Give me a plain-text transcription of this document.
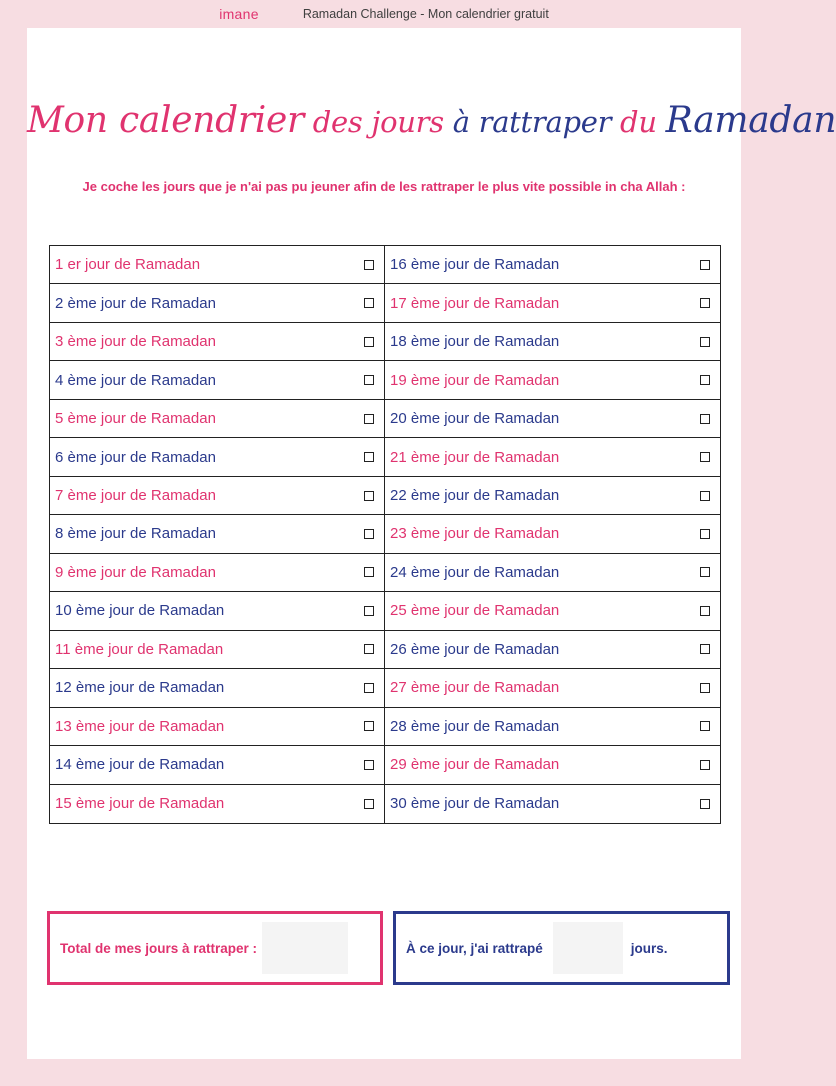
imane	Ramadan Challenge - Mon calendrier gratuit
Mon calendrier des jours à rattraper du Ramadan
Je coche les jours que je n'ai pas pu jeuner afin de les rattraper le plus vite possible in cha Allah :
1 er jour de Ramadan	16 ème jour de Ramadan
2 ème jour de Ramadan	17 ème jour de Ramadan
3 ème jour de Ramadan	18 ème jour de Ramadan
4 ème jour de Ramadan	19 ème jour de Ramadan
5 ème jour de Ramadan	20 ème jour de Ramadan
6 ème jour de Ramadan	21 ème jour de Ramadan
7 ème jour de Ramadan	22 ème jour de Ramadan
8 ème jour de Ramadan	23 ème jour de Ramadan
9 ème jour de Ramadan	24 ème jour de Ramadan
10 ème jour de Ramadan	25 ème jour de Ramadan
11 ème jour de Ramadan	26 ème jour de Ramadan
12 ème jour de Ramadan	27 ème jour de Ramadan
13 ème jour de Ramadan	28 ème jour de Ramadan
14 ème jour de Ramadan	29 ème jour de Ramadan
15 ème jour de Ramadan	30 ème jour de Ramadan
Total de mes jours à rattraper :	À ce jour, j'ai rattrapé	jours.
